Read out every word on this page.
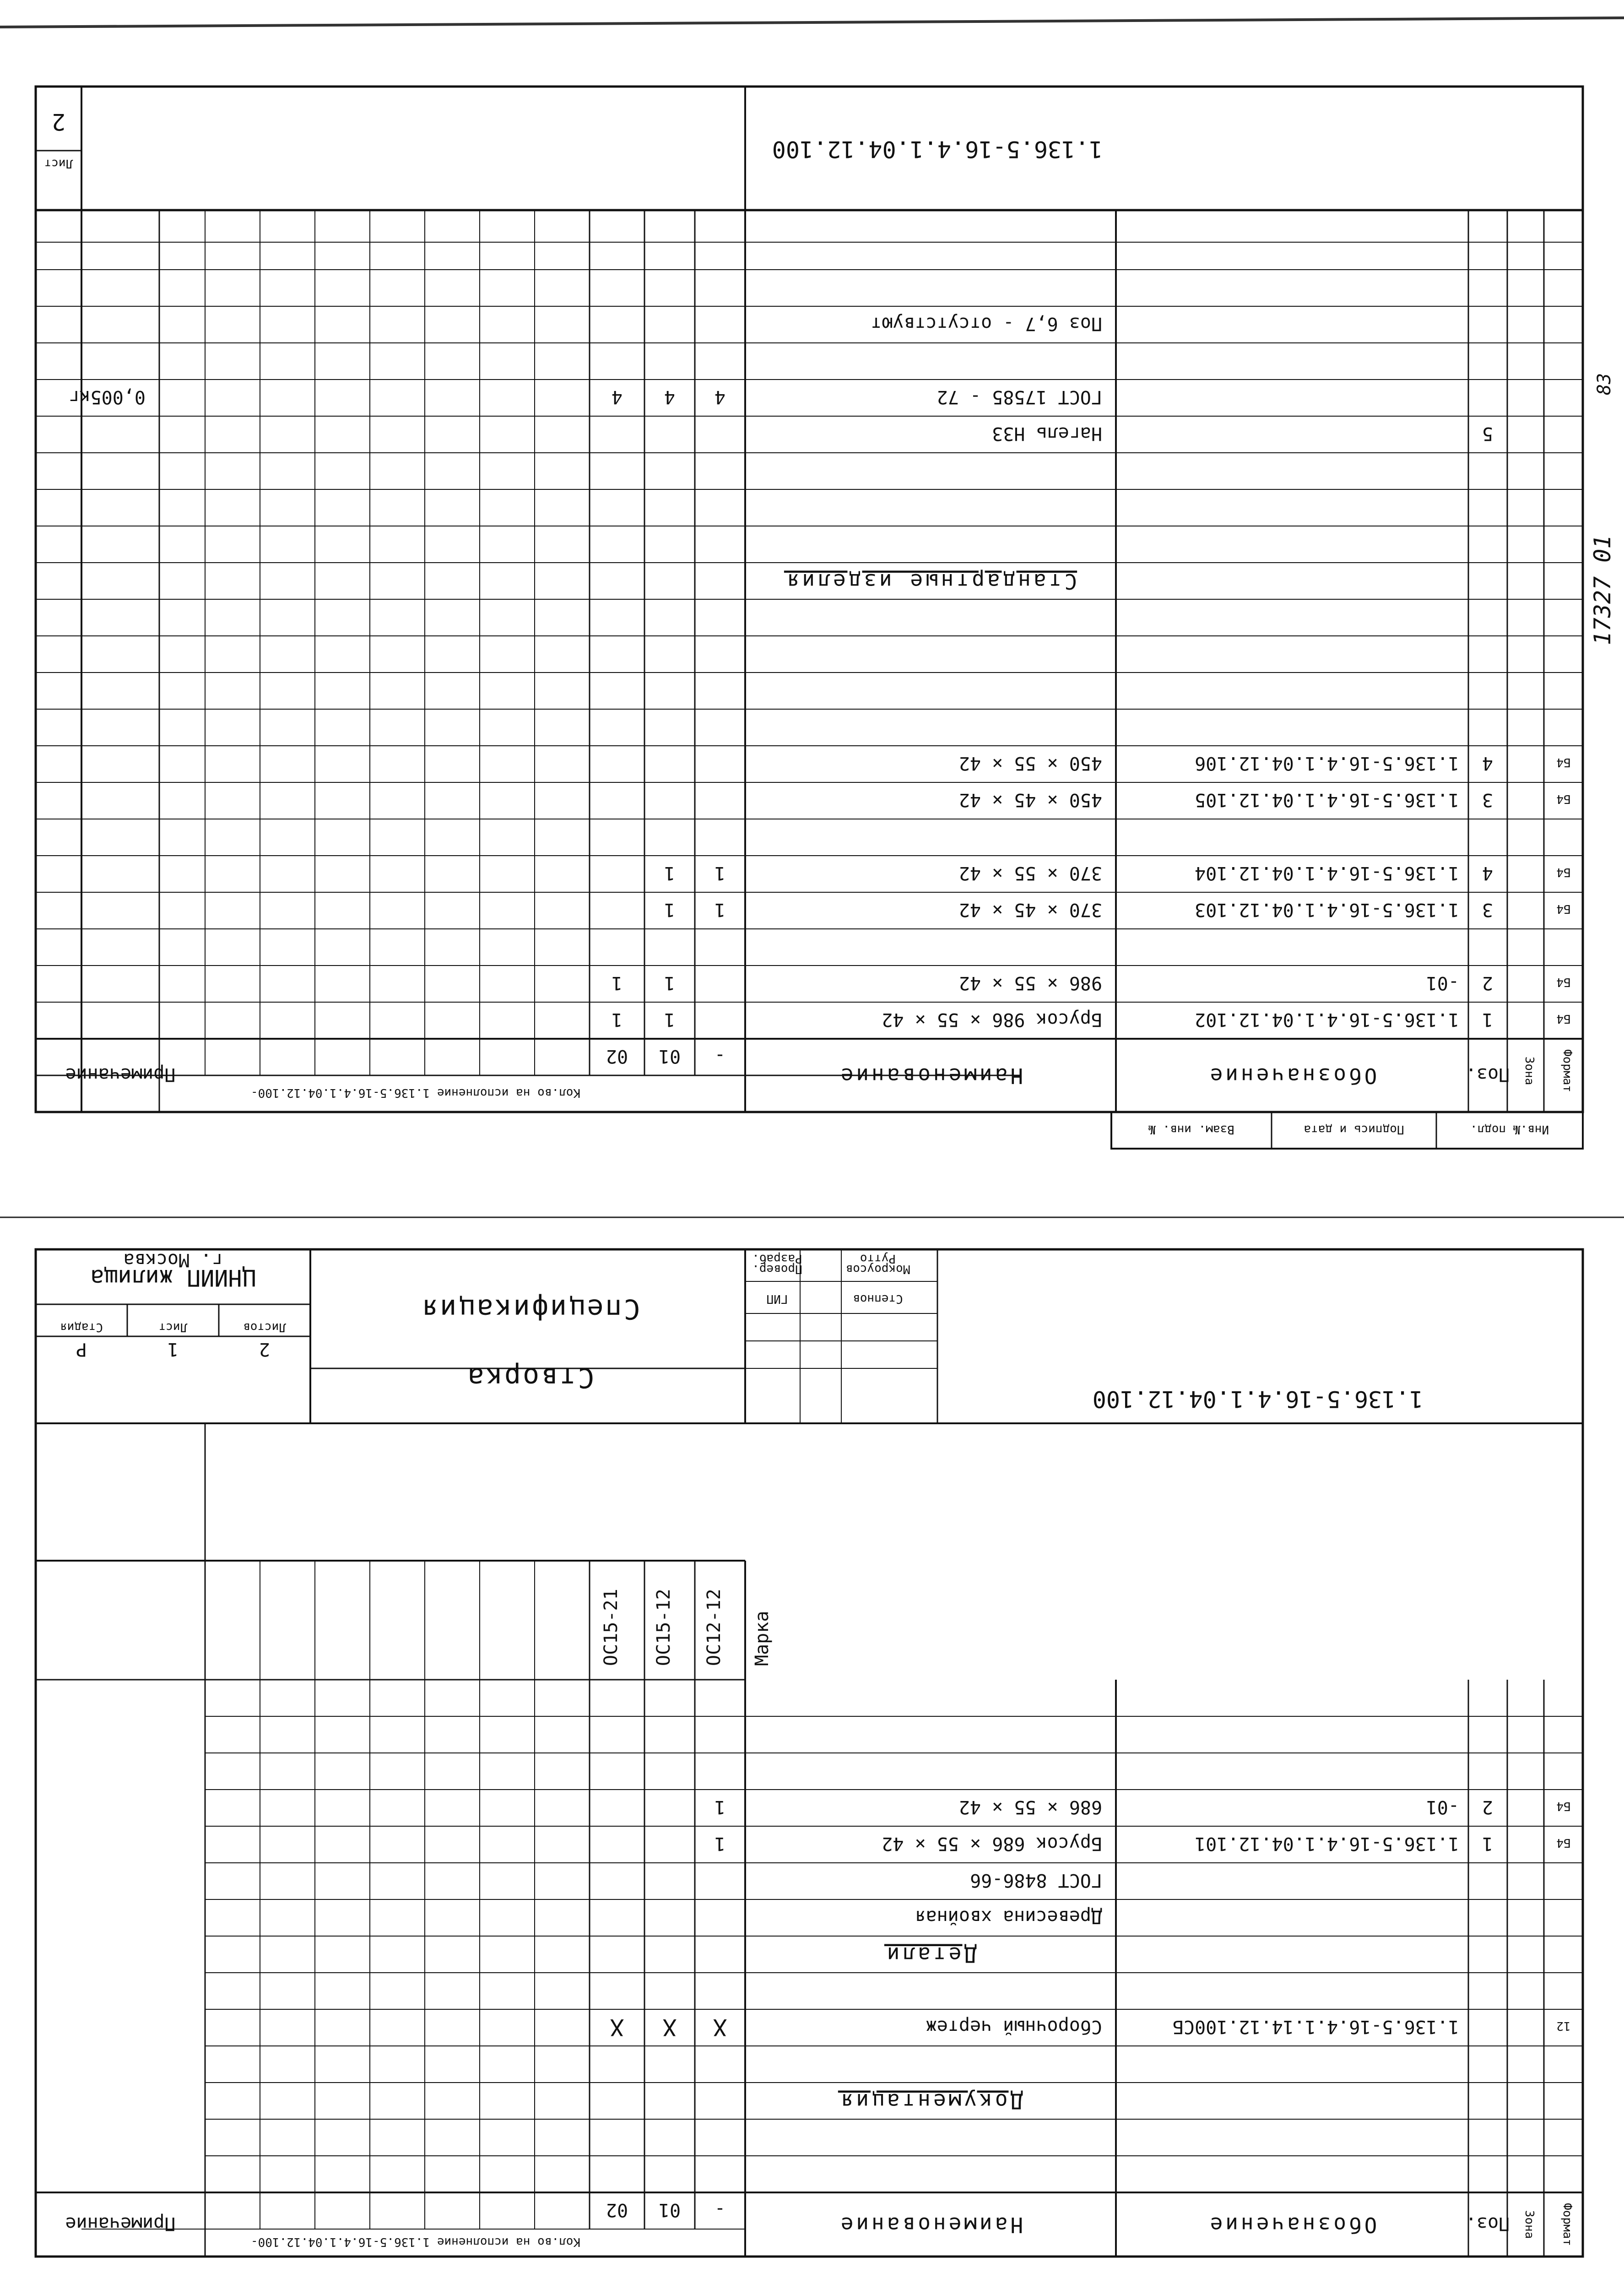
Инв.№ подл.
Подпись и дата
Взам. инв. №
Формат
Зона
Поз.
Обозначение
Наименование
Кол.во на исполнение 1.136.5-16.4.1.04.12.100-
-
01
02
Примечание
Б4
1
1.136.5-16.4.1.04.12.102
Брусок 986 × 55 × 42
1
1
Б4
2
-01
986 × 55 × 42
1
1
Б4
3
1.136.5-16.4.1.04.12.103
370 × 45 × 42
1
1
Б4
4
1.136.5-16.4.1.04.12.104
370 × 55 × 42
1
1
Б4
3
1.136.5-16.4.1.04.12.105
450 × 45 × 42
Б4
4
1.136.5-16.4.1.04.12.106
450 × 55 × 42
Стандартные изделия
5
Нагель Н33
ГОСТ 17585 - 72
4
4
4
0,005кг
Поз 6,7 - отсутствуют
1.136.5-16.4.1.04.12.100
Лист
2
17327 01
83
Формат
Зона
Поз.
Обозначение
Наименование
Кол.во на исполнение 1.136.5-16.4.1.04.12.100-
-
01
02
Примечание
Документация
12
1.136.5-16.4.1.14.12.100СБ
Сборочный чертеж
X
X
X
Детали
Древесина хвойная
ГОСТ 8486-66
Б4
1
1.136.5-16.4.1.04.12.101
Брусок 686 × 55 × 42
1
Б4
2
-01
686 × 55 × 42
1
Марка
ОС12-12
ОС15-12
ОС15-21
1.136.5-16.4.1.04.12.100
Створка
Спецификация
Листов
Лист
Стадия
2
1
Р
ЦНИИП жилища
г. Москва
ГИП
Провер.
Разраб.
Степнов
Мокроусов
Рутто
